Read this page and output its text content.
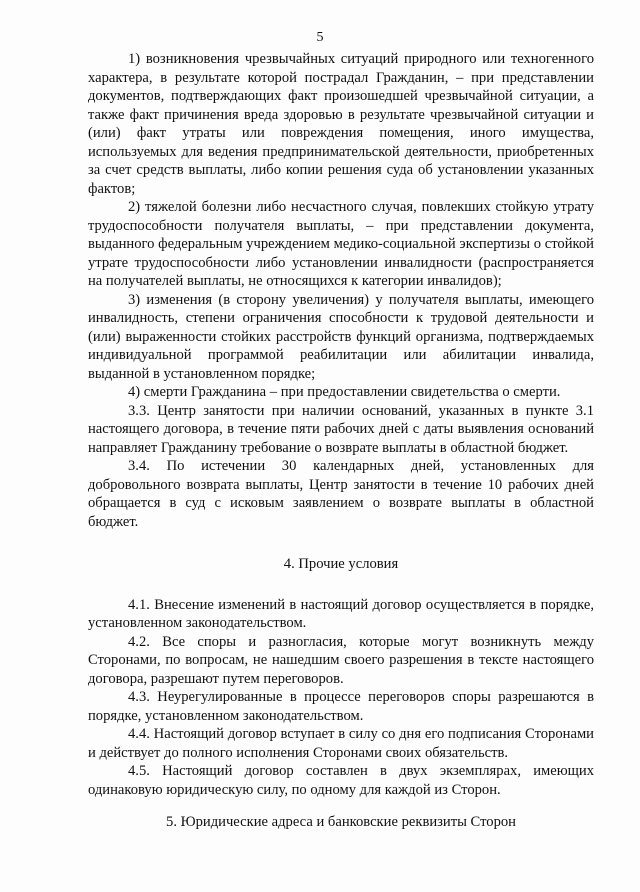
5

1) возникновения чрезвычайных ситуаций природного или техногенного характера, в результате которой пострадал Гражданин, – при представлении документов, подтверждающих факт произошедшей чрезвычайной ситуации, а также факт причинения вреда здоровью в результате чрезвычайной ситуации и (или) факт утраты или повреждения помещения, иного имущества, используемых для ведения предпринимательской деятельности, приобретенных за счет средств выплаты, либо копии решения суда об установлении указанных фактов;

2) тяжелой болезни либо несчастного случая, повлекших стойкую утрату трудоспособности получателя выплаты, – при представлении документа, выданного федеральным учреждением медико-социальной экспертизы о стойкой утрате трудоспособности либо установлении инвалидности (распространяется на получателей выплаты, не относящихся к категории инвалидов);

3) изменения (в сторону увеличения) у получателя выплаты, имеющего инвалидность, степени ограничения способности к трудовой деятельности и (или) выраженности стойких расстройств функций организма, подтверждаемых индивидуальной программой реабилитации или абилитации инвалида, выданной в установленном порядке;

4) смерти Гражданина – при предоставлении свидетельства о смерти.

3.3. Центр занятости при наличии оснований, указанных в пункте 3.1 настоящего договора, в течение пяти рабочих дней с даты выявления оснований направляет Гражданину требование о возврате выплаты в областной бюджет.

3.4. По истечении 30 календарных дней, установленных для добровольного возврата выплаты, Центр занятости в течение 10 рабочих дней обращается в суд с исковым заявлением о возврате выплаты в областной бюджет.

4. Прочие условия

4.1. Внесение изменений в настоящий договор осуществляется в порядке, установленном законодательством.

4.2. Все споры и разногласия, которые могут возникнуть между Сторонами, по вопросам, не нашедшим своего разрешения в тексте настоящего договора, разрешают путем переговоров.

4.3. Неурегулированные в процессе переговоров споры разрешаются в порядке, установленном законодательством.

4.4. Настоящий договор вступает в силу со дня его подписания Сторонами и действует до полного исполнения Сторонами своих обязательств.

4.5. Настоящий договор составлен в двух экземплярах, имеющих одинаковую юридическую силу, по одному для каждой из Сторон.

5. Юридические адреса и банковские реквизиты Сторон
